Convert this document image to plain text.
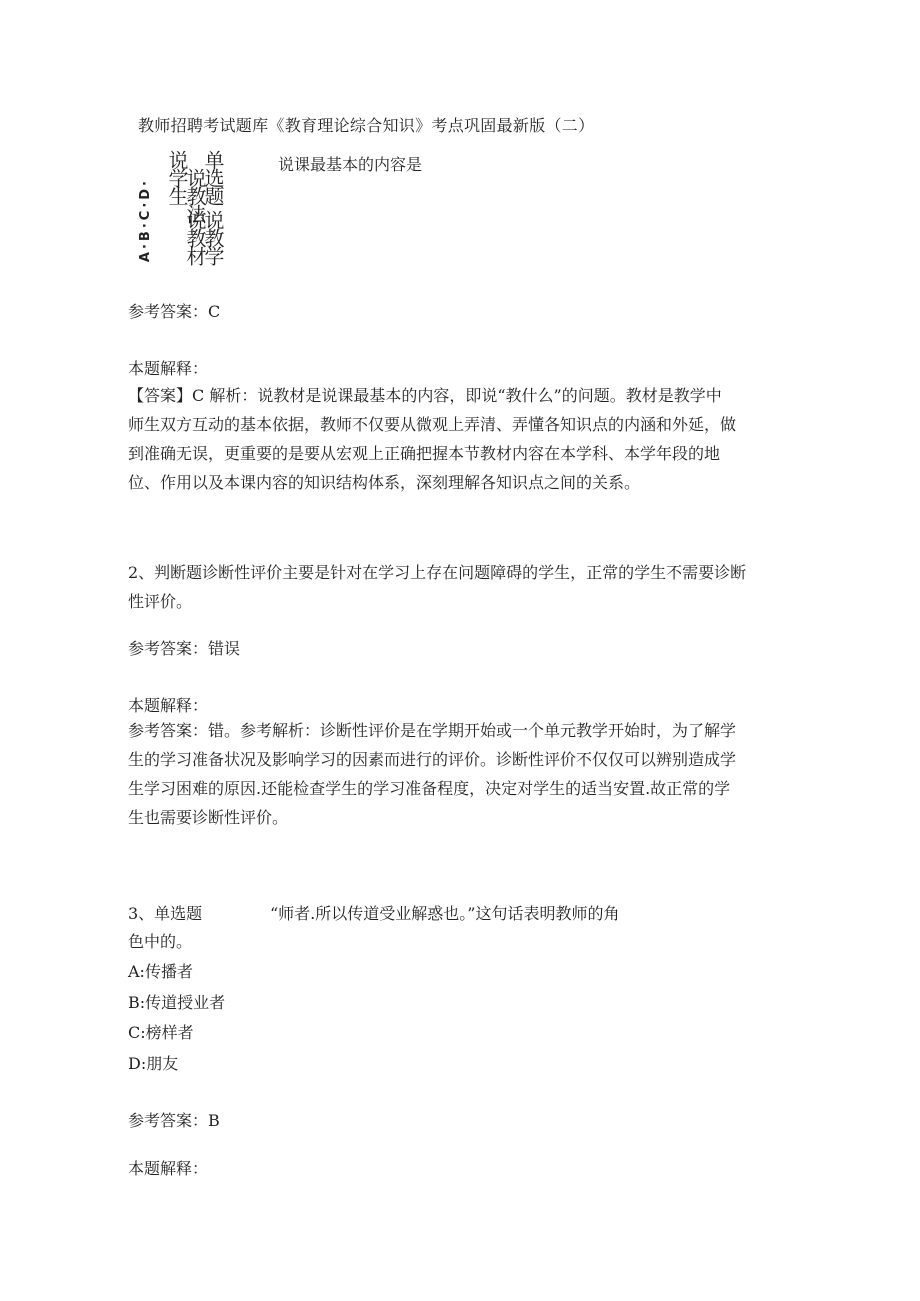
教师招聘考试题库《教育理论综合知识》考点巩固最新版（二）
A·B·C·D·
说学生
说教法
单选题
说教材
说教学
说课最基本的内容是
参考答案：C
本题解释：
【答案】C 解析：说教材是说课最基本的内容，即说“教什么”的问题。教材是教学中
师生双方互动的基本依据，教师不仅要从微观上弄清、弄懂各知识点的内涵和外延，做
到准确无误，更重要的是要从宏观上正确把握本节教材内容在本学科、本学年段的地
位、作用以及本课内容的知识结构体系，深刻理解各知识点之间的关系。
2、判断题诊断性评价主要是针对在学习上存在问题障碍的学生，正常的学生不需要诊断
性评价。
参考答案：错误
本题解释：
参考答案：错。参考解析：诊断性评价是在学期开始或一个单元教学开始时，为了解学
生的学习准备状况及影响学习的因素而进行的评价。诊断性评价不仅仅可以辨别造成学
生学习困难的原因.还能检查学生的学习准备程度，决定对学生的适当安置.故正常的学
生也需要诊断性评价。
3、单选题	“师者.所以传道受业解惑也。”这句话表明教师的角
色中的。
A:传播者
B:传道授业者
C:榜样者
D:朋友
参考答案：B
本题解释：
